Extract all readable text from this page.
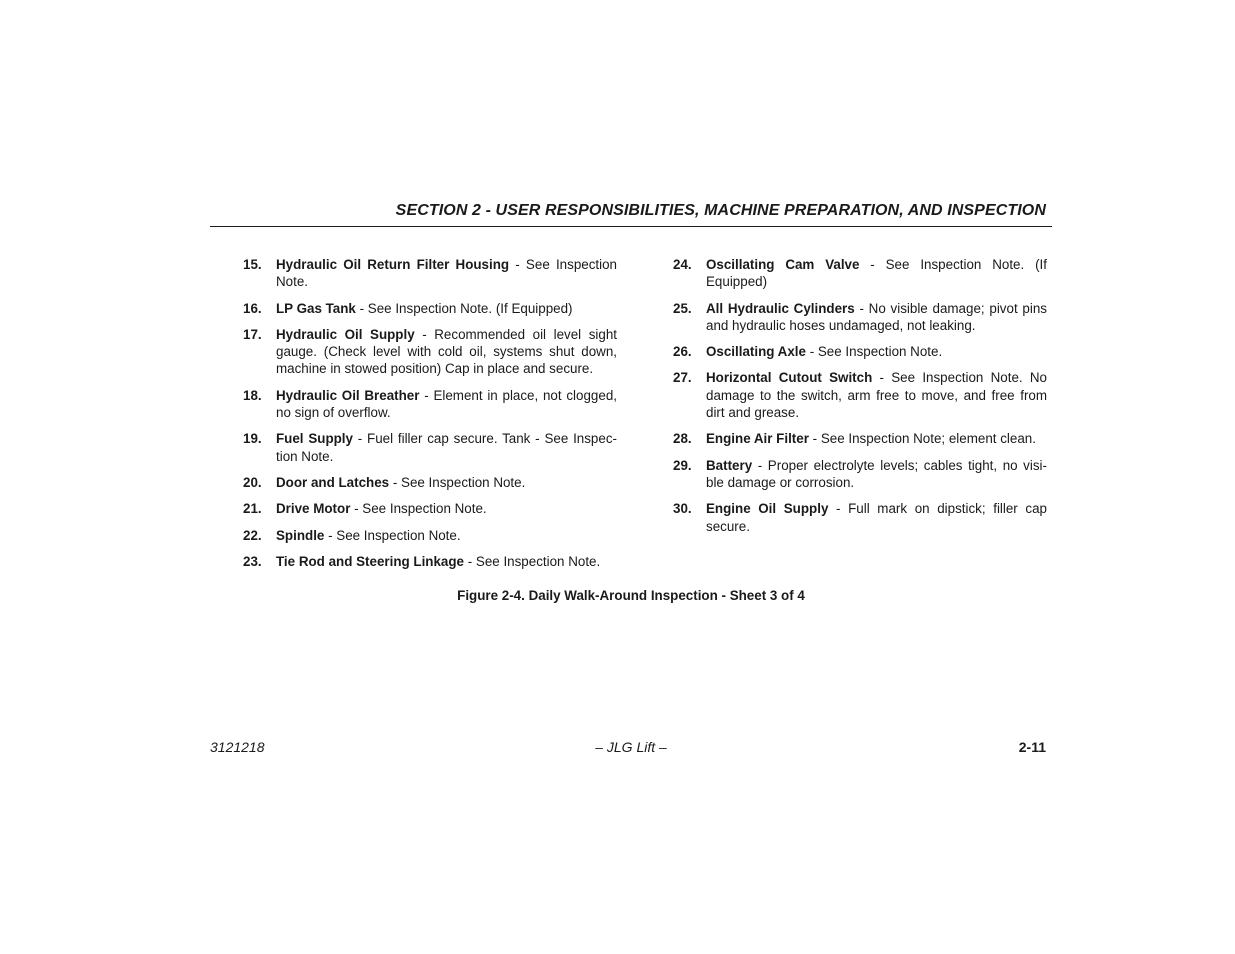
SECTION 2 - USER RESPONSIBILITIES, MACHINE PREPARATION, AND INSPECTION
15. Hydraulic Oil Return Filter Housing - See Inspection Note.
16. LP Gas Tank - See Inspection Note. (If Equipped)
17. Hydraulic Oil Supply - Recommended oil level sight gauge. (Check level with cold oil, systems shut down, machine in stowed position) Cap in place and secure.
18. Hydraulic Oil Breather - Element in place, not clogged, no sign of overflow.
19. Fuel Supply - Fuel filler cap secure. Tank - See Inspec-tion Note.
20. Door and Latches - See Inspection Note.
21. Drive Motor - See Inspection Note.
22. Spindle - See Inspection Note.
23. Tie Rod and Steering Linkage - See Inspection Note.
24. Oscillating Cam Valve - See Inspection Note. (If Equipped)
25. All Hydraulic Cylinders - No visible damage; pivot pins and hydraulic hoses undamaged, not leaking.
26. Oscillating Axle - See Inspection Note.
27. Horizontal Cutout Switch - See Inspection Note. No damage to the switch, arm free to move, and free from dirt and grease.
28. Engine Air Filter - See Inspection Note; element clean.
29. Battery - Proper electrolyte levels; cables tight, no visi-ble damage or corrosion.
30. Engine Oil Supply - Full mark on dipstick; filler cap secure.
Figure 2-4. Daily Walk-Around Inspection - Sheet 3 of 4
3121218	– JLG Lift –	2-11
